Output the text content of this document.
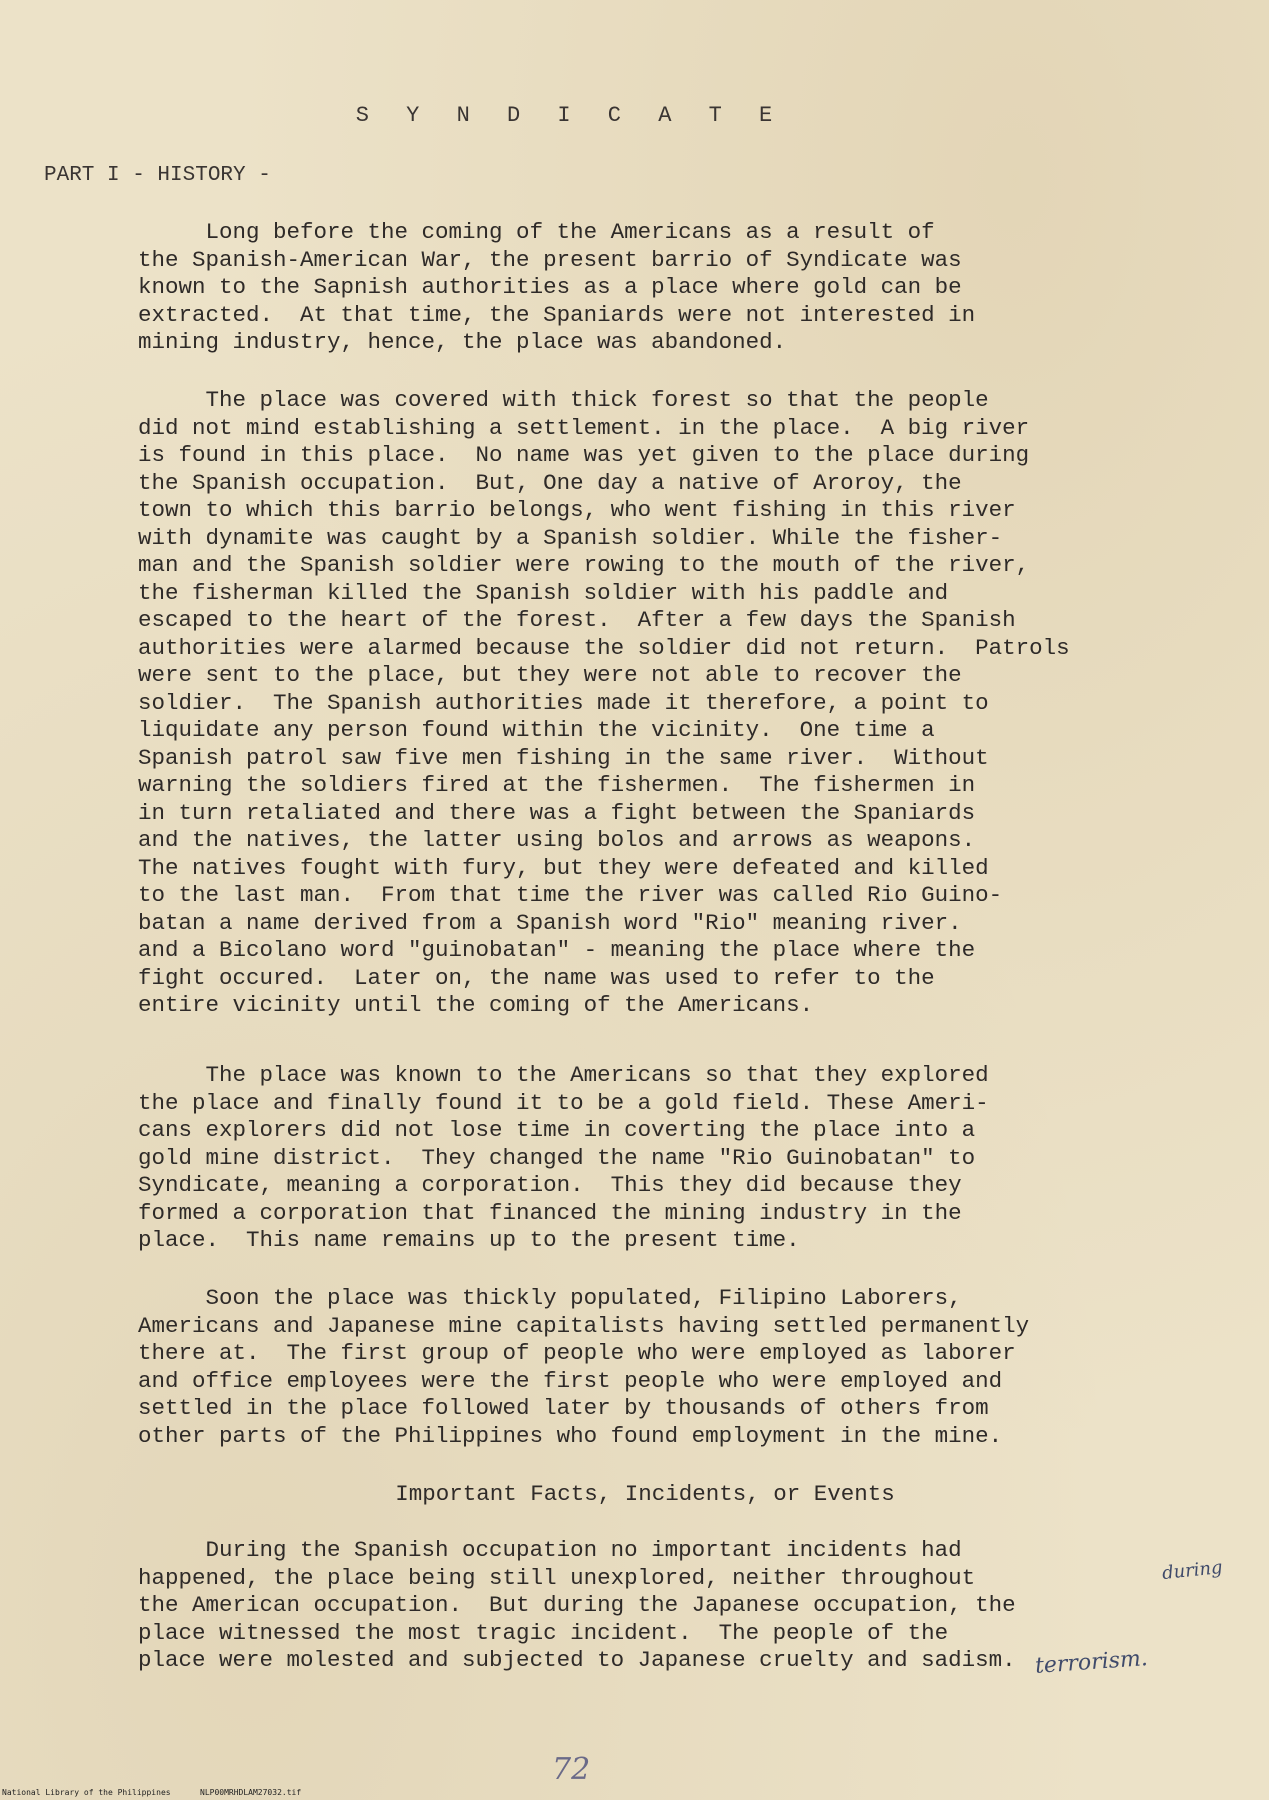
S Y N D I C A T E
PART I - HISTORY -

Long before the coming of the Americans as a result of
the Spanish-American War, the present barrio of Syndicate was
known to the Sapnish authorities as a place where gold can be
extracted.  At that time, the Spaniards were not interested in
mining industry, hence, the place was abandoned.

The place was covered with thick forest so that the people
did not mind establishing a settlement. in the place.  A big river
is found in this place.  No name was yet given to the place during
the Spanish occupation.  But, One day a native of Aroroy, the
town to which this barrio belongs, who went fishing in this river
with dynamite was caught by a Spanish soldier. While the fisher-
man and the Spanish soldier were rowing to the mouth of the river,
the fisherman killed the Spanish soldier with his paddle and
escaped to the heart of the forest.  After a few days the Spanish
authorities were alarmed because the soldier did not return.  Patrols
were sent to the place, but they were not able to recover the
soldier.  The Spanish authorities made it therefore, a point to
liquidate any person found within the vicinity.  One time a
Spanish patrol saw five men fishing in the same river.  Without
warning the soldiers fired at the fishermen.  The fishermen in
in turn retaliated and there was a fight between the Spaniards
and the natives, the latter using bolos and arrows as weapons.
The natives fought with fury, but they were defeated and killed
to the last man.  From that time the river was called Rio Guino-
batan a name derived from a Spanish word "Rio" meaning river.
and a Bicolano word "guinobatan" - meaning the place where the
fight occured.  Later on, the name was used to refer to the
entire vicinity until the coming of the Americans.

The place was known to the Americans so that they explored
the place and finally found it to be a gold field. These Ameri-
cans explorers did not lose time in coverting the place into a
gold mine district.  They changed the name "Rio Guinobatan" to
Syndicate, meaning a corporation.  This they did because they
formed a corporation that financed the mining industry in the
place.  This name remains up to the present time.

Soon the place was thickly populated, Filipino Laborers,
Americans and Japanese mine capitalists having settled permanently
there at.  The first group of people who were employed as laborer
and office employees were the first people who were employed and
settled in the place followed later by thousands of others from
other parts of the Philippines who found employment in the mine.

Important Facts, Incidents, or Events

During the Spanish occupation no important incidents had
happened, the place being still unexplored, neither throughout
the American occupation.  But during the Japanese occupation, the
place witnessed the most tragic incident.  The people of the
place were molested and subjected to Japanese cruelty and sadism.

during
terrorism.
72
National Library of the Philippines	NLP00MRHDLAM27032.tif
